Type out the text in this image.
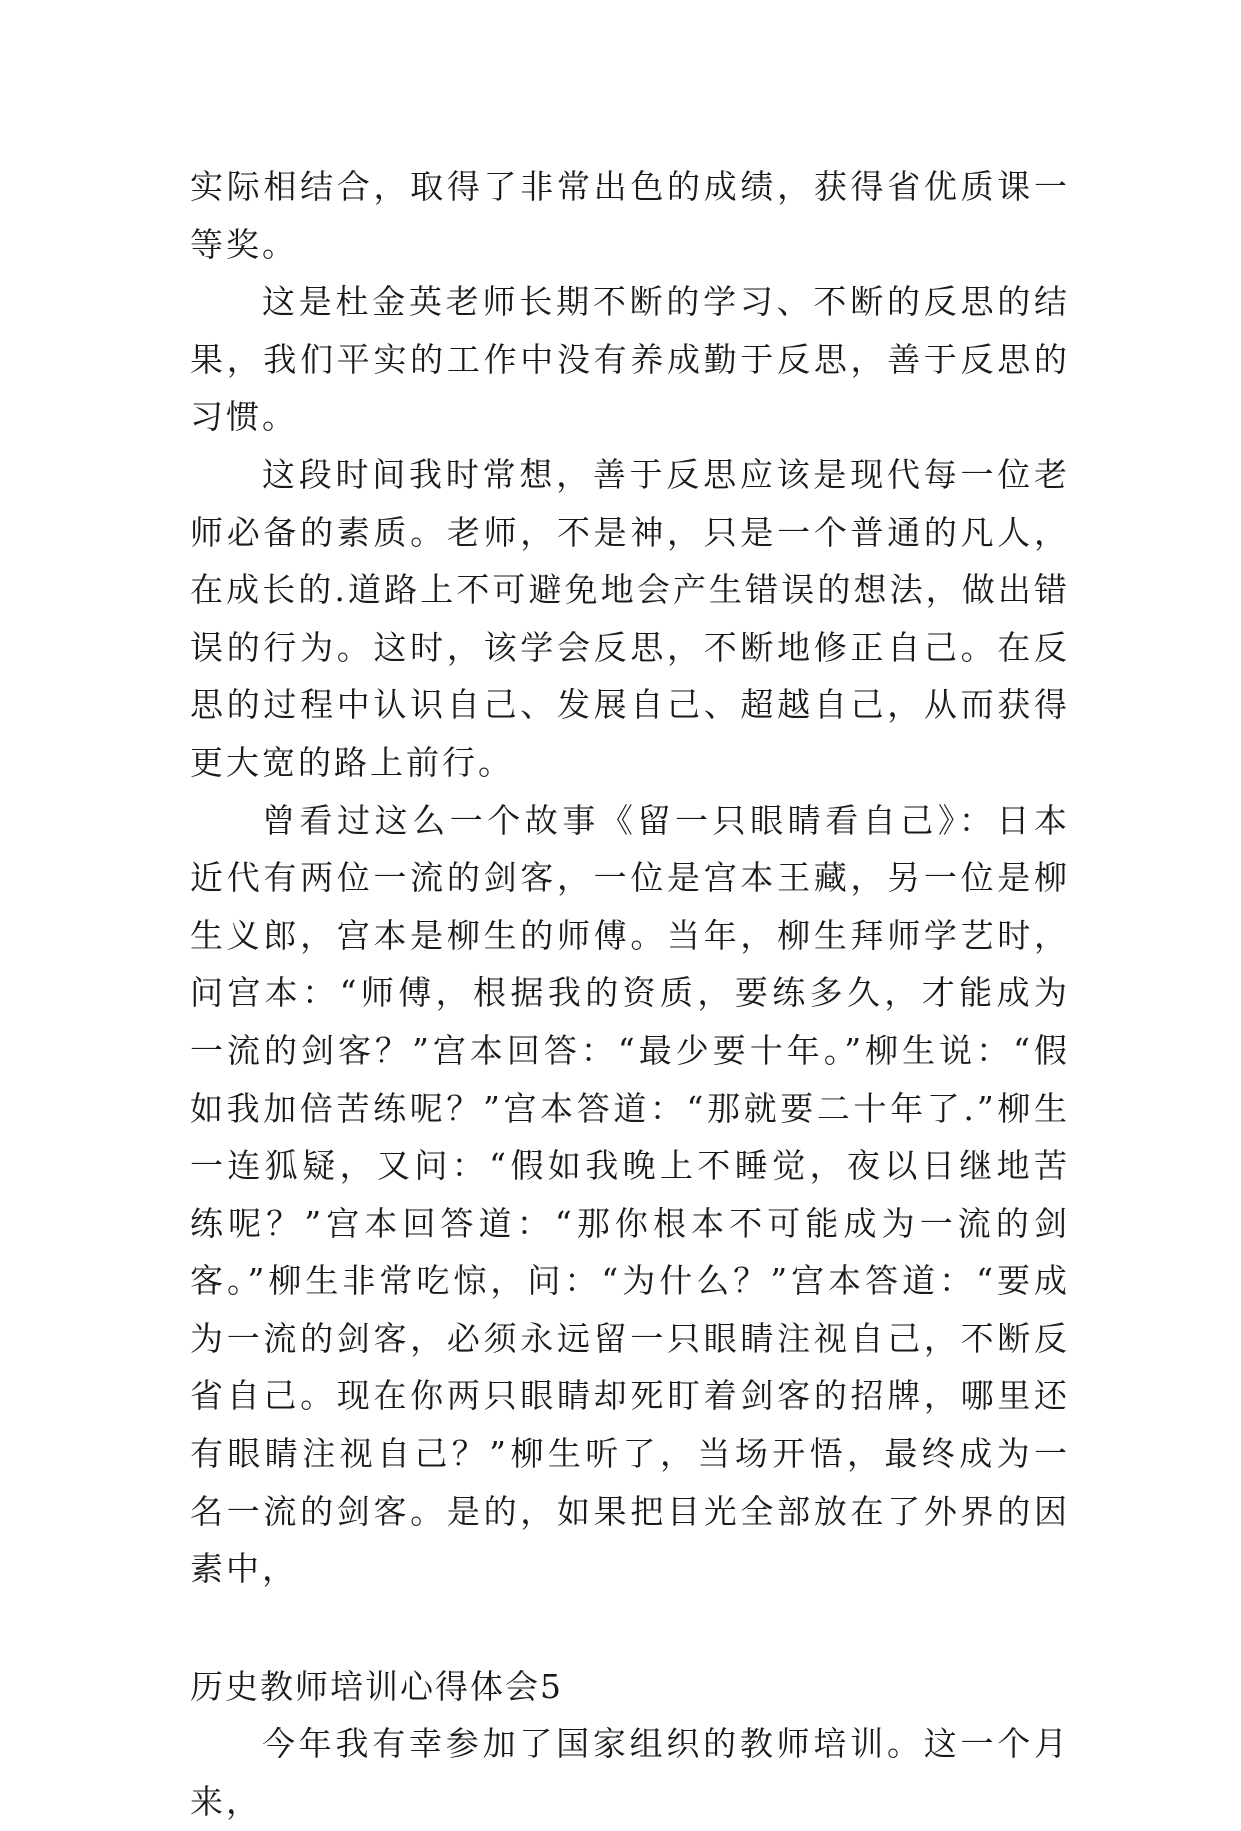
实际相结合，取得了非常出色的成绩，获得省优质课一等奖。

这是杜金英老师长期不断的学习、不断的反思的结果，我们平实的工作中没有养成勤于反思，善于反思的习惯。

这段时间我时常想，善于反思应该是现代每一位老师必备的素质。老师，不是神，只是一个普通的凡人，在成长的.道路上不可避免地会产生错误的想法，做出错误的行为。这时，该学会反思，不断地修正自己。在反思的过程中认识自己、发展自己、超越自己，从而获得更大宽的路上前行。

曾看过这么一个故事《留一只眼睛看自己》：日本近代有两位一流的剑客，一位是宫本王藏，另一位是柳生义郎，宫本是柳生的师傅。当年，柳生拜师学艺时，问宫本：“师傅，根据我的资质，要练多久，才能成为一流的剑客？”宫本回答：“最少要十年。”柳生说：“假如我加倍苦练呢？”宫本答道：“那就要二十年了.”柳生一连狐疑，又问：“假如我晚上不睡觉，夜以日继地苦练呢？”宫本回答道：“那你根本不可能成为一流的剑客。”柳生非常吃惊，问：“为什么？”宫本答道：“要成为一流的剑客，必须永远留一只眼睛注视自己，不断反省自己。现在你两只眼睛却死盯着剑客的招牌，哪里还有眼睛注视自己？”柳生听了，当场开悟，最终成为一名一流的剑客。是的，如果把目光全部放在了外界的因素中，

历史教师培训心得体会5

今年我有幸参加了国家组织的教师培训。这一个月来，
